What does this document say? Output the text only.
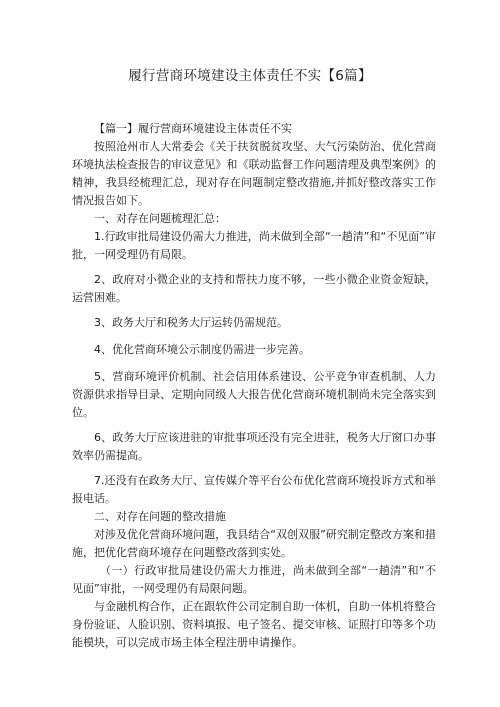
履行营商环境建设主体责任不实【6篇】

【篇一】履行营商环境建设主体责任不实

按照沧州市人大常委会《关于扶贫脱贫攻坚、大气污染防治、优化营商环境执法检查报告的审议意见》和《联动监督工作问题清理及典型案例》的精神，我县经梳理汇总，现对存在问题制定整改措施,并抓好整改落实工作情况报告如下。

一、对存在问题梳理汇总：

1.行政审批局建设仍需大力推进，尚未做到全部“一趟清”和“不见面”审批，一网受理仍有局限。

2、政府对小微企业的支持和帮扶力度不够，一些小微企业资金短缺，运营困难。

3、政务大厅和税务大厅运转仍需规范。

4、优化营商环境公示制度仍需进一步完善。

5、营商环境评价机制、社会信用体系建设、公平竞争审查机制、人力资源供求指导目录、定期向同级人大报告优化营商环境机制尚未完全落实到位。

6、政务大厅应该进驻的审批事项还没有完全进驻，税务大厅窗口办事效率仍需提高。

7.还没有在政务大厅、宣传媒介等平台公布优化营商环境投诉方式和举报电话。

二、对存在问题的整改措施

对涉及优化营商环境问题，我县结合“双创双服”研究制定整改方案和措施，把优化营商环境存在问题整改落到实处。

（一）行政审批局建设仍需大力推进，尚未做到全部“一趟清”和“不见面”审批，一网受理仍有局限问题。

与金融机构合作，正在跟软件公司定制自助一体机，自助一体机将整合身份验证、人脸识别、资料填报、电子签名、提交审核、证照打印等多个功能模块，可以完成市场主体全程注册申请操作。
